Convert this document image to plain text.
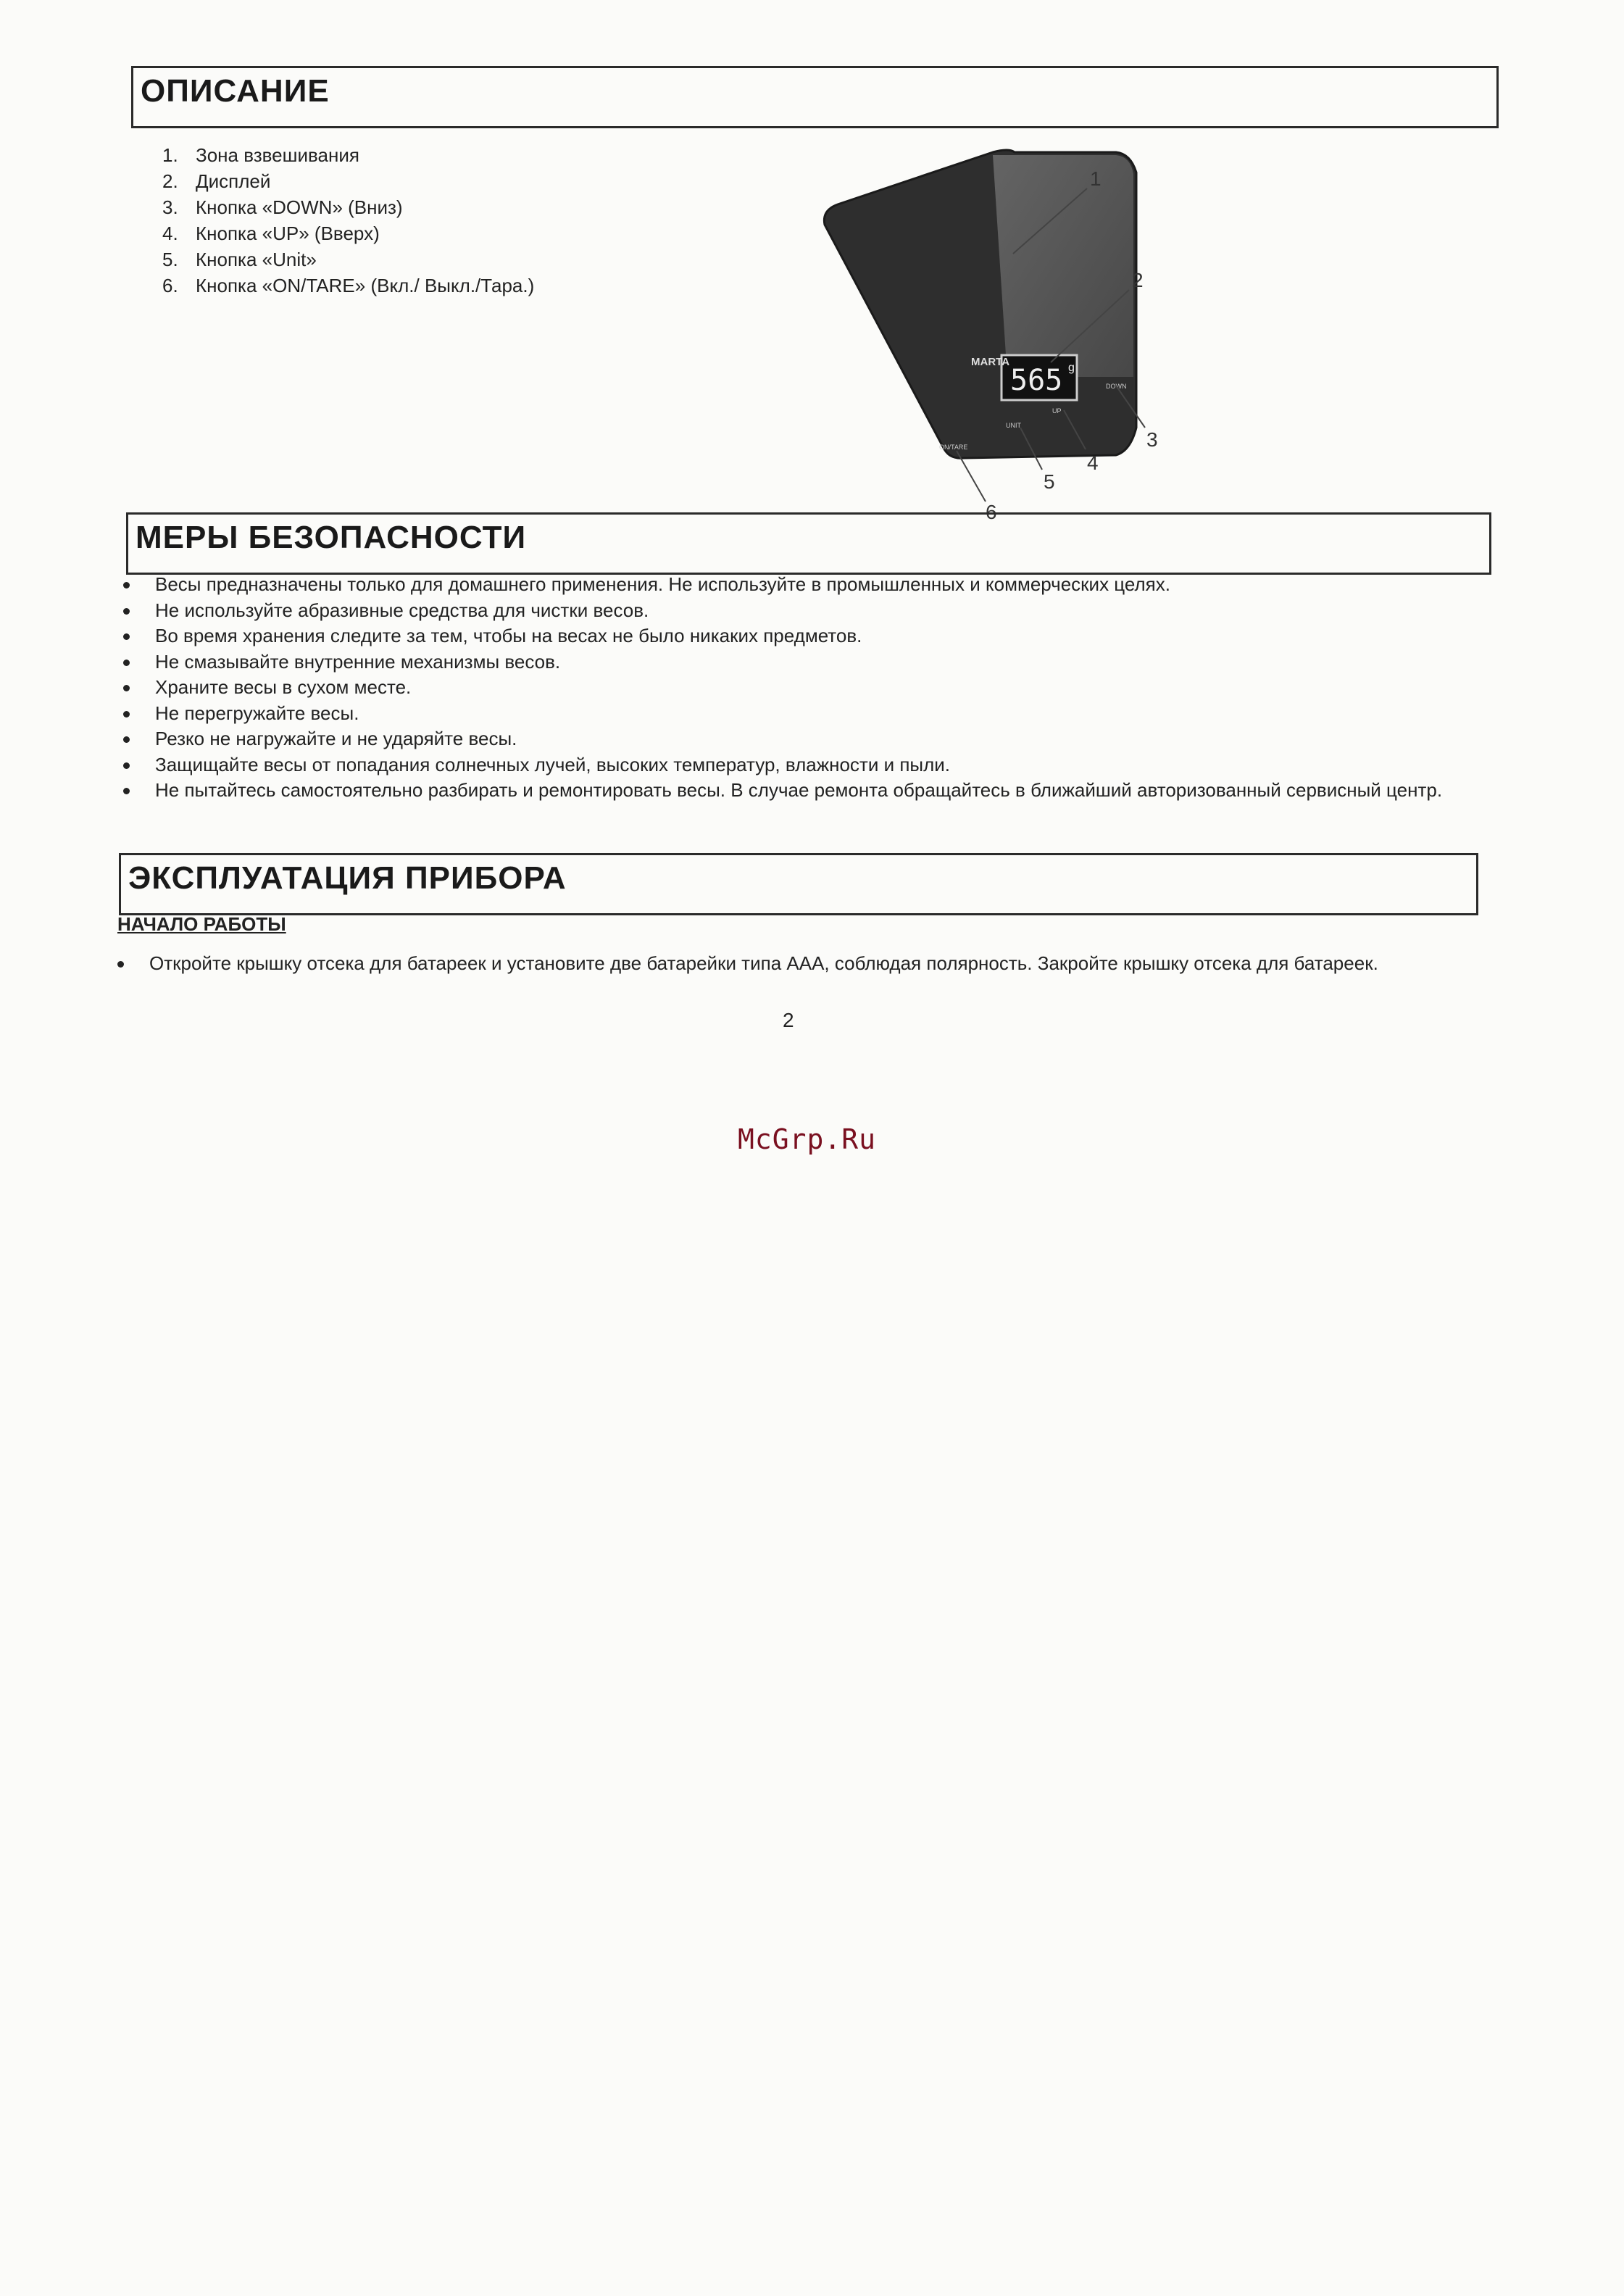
ОПИСАНИЕ
1. Зона взвешивания
2. Дисплей
3. Кнопка «DOWN» (Вниз)
4. Кнопка «UP» (Вверх)
5. Кнопка «Unit»
6. Кнопка «ON/TARE» (Вкл./ Выкл./Тара.)
565 g
MARTA
ON/TARE
UNIT
UP
DOWN
1
2
3
4
5
6
МЕРЫ БЕЗОПАСНОСТИ
Весы предназначены только для домашнего применения. Не используйте в промышленных и коммерческих целях.
Не используйте абразивные средства для чистки весов.
Во время хранения следите за тем, чтобы на весах не было никаких предметов.
Не смазывайте внутренние механизмы весов.
Храните весы в сухом месте.
Не перегружайте весы.
Резко не нагружайте и не ударяйте весы.
Защищайте весы от попадания солнечных лучей, высоких температур, влажности и пыли.
Не пытайтесь самостоятельно разбирать и ремонтировать весы. В случае ремонта обращайтесь в ближайший авторизованный сервисный центр.
ЭКСПЛУАТАЦИЯ ПРИБОРА
НАЧАЛО РАБОТЫ
Откройте крышку отсека для батареек и установите две батарейки типа ААА, соблюдая полярность. Закройте крышку отсека для батареек.
2
McGrp.Ru
